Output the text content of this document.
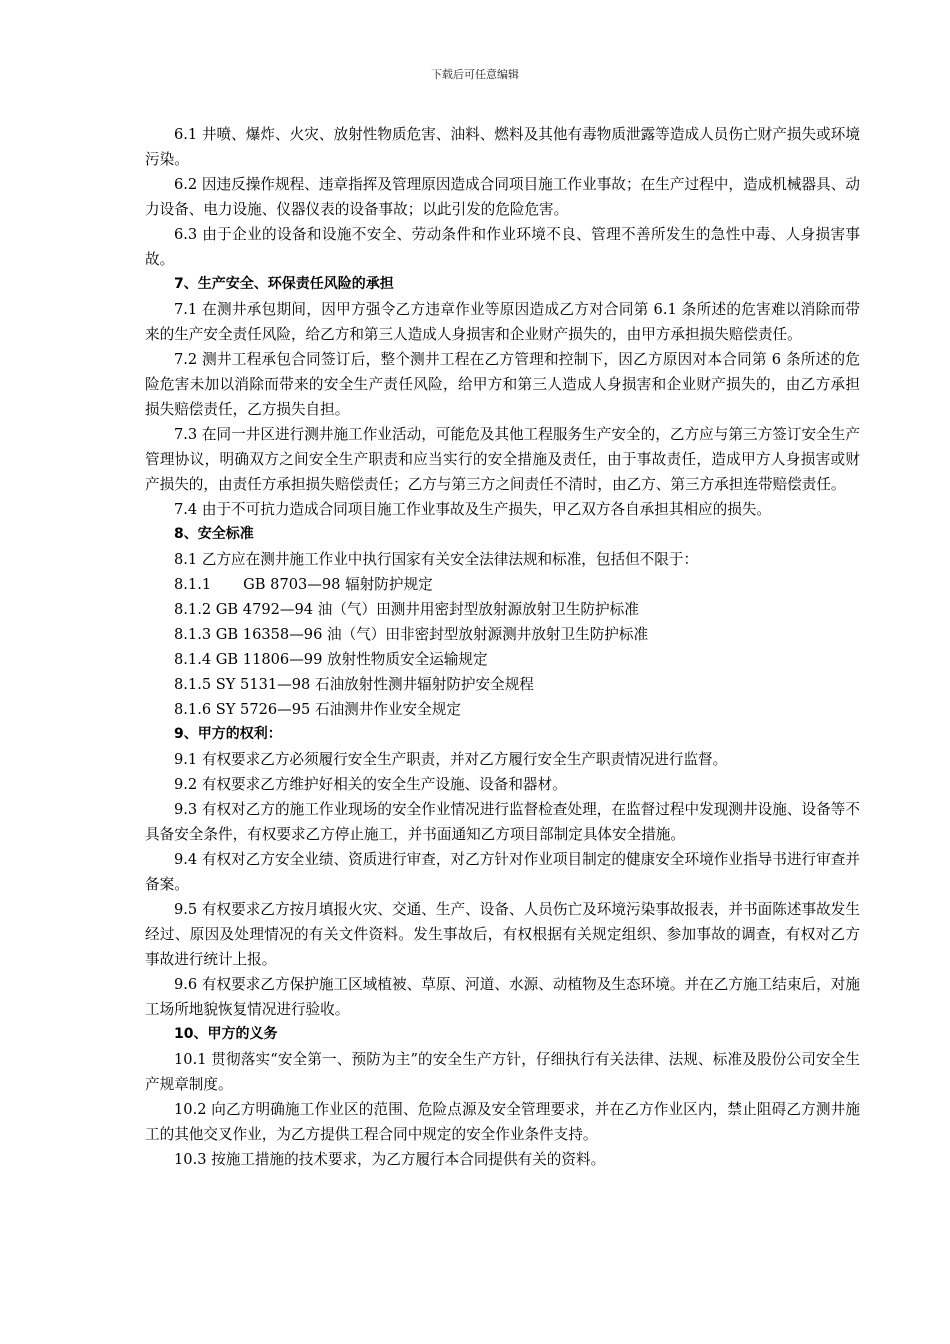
下载后可任意编辑

6.1 井喷、爆炸、火灾、放射性物质危害、油料、燃料及其他有毒物质泄露等造成人员伤亡财产损失或环境污染。

6.2 因违反操作规程、违章指挥及管理原因造成合同项目施工作业事故；在生产过程中，造成机械器具、动力设备、电力设施、仪器仪表的设备事故；以此引发的危险危害。

6.3 由于企业的设备和设施不安全、劳动条件和作业环境不良、管理不善所发生的急性中毒、人身损害事故。

7、生产安全、环保责任风险的承担

7.1 在测井承包期间，因甲方强令乙方违章作业等原因造成乙方对合同第 6.1 条所述的危害难以消除而带来的生产安全责任风险，给乙方和第三人造成人身损害和企业财产损失的，由甲方承担损失赔偿责任。

7.2 测井工程承包合同签订后，整个测井工程在乙方管理和控制下，因乙方原因对本合同第 6 条所述的危险危害未加以消除而带来的安全生产责任风险，给甲方和第三人造成人身损害和企业财产损失的，由乙方承担损失赔偿责任，乙方损失自担。

7.3 在同一井区进行测井施工作业活动，可能危及其他工程服务生产安全的，乙方应与第三方签订安全生产管理协议，明确双方之间安全生产职责和应当实行的安全措施及责任，由于事故责任，造成甲方人身损害或财产损失的，由责任方承担损失赔偿责任；乙方与第三方之间责任不清时，由乙方、第三方承担连带赔偿责任。

7.4 由于不可抗力造成合同项目施工作业事故及生产损失，甲乙双方各自承担其相应的损失。

8、安全标准

8.1 乙方应在测井施工作业中执行国家有关安全法律法规和标准，包括但不限于：

8.1.1 GB 8703—98 辐射防护规定

8.1.2 GB 4792—94 油（气）田测井用密封型放射源放射卫生防护标准

8.1.3 GB 16358—96 油（气）田非密封型放射源测井放射卫生防护标准

8.1.4 GB 11806—99 放射性物质安全运输规定

8.1.5 SY 5131—98 石油放射性测井辐射防护安全规程

8.1.6 SY 5726—95 石油测井作业安全规定

9、甲方的权利：

9.1 有权要求乙方必须履行安全生产职责，并对乙方履行安全生产职责情况进行监督。

9.2 有权要求乙方维护好相关的安全生产设施、设备和器材。

9.3 有权对乙方的施工作业现场的安全作业情况进行监督检查处理，在监督过程中发现测井设施、设备等不具备安全条件，有权要求乙方停止施工，并书面通知乙方项目部制定具体安全措施。

9.4 有权对乙方安全业绩、资质进行审查，对乙方针对作业项目制定的健康安全环境作业指导书进行审查并备案。

9.5 有权要求乙方按月填报火灾、交通、生产、设备、人员伤亡及环境污染事故报表，并书面陈述事故发生经过、原因及处理情况的有关文件资料。发生事故后，有权根据有关规定组织、参加事故的调查，有权对乙方事故进行统计上报。

9.6 有权要求乙方保护施工区域植被、草原、河道、水源、动植物及生态环境。并在乙方施工结束后，对施工场所地貌恢复情况进行验收。

10、甲方的义务

10.1 贯彻落实“安全第一、预防为主”的安全生产方针，仔细执行有关法律、法规、标准及股份公司安全生产规章制度。

10.2 向乙方明确施工作业区的范围、危险点源及安全管理要求，并在乙方作业区内，禁止阻碍乙方测井施工的其他交叉作业，为乙方提供工程合同中规定的安全作业条件支持。

10.3 按施工措施的技术要求，为乙方履行本合同提供有关的资料。
